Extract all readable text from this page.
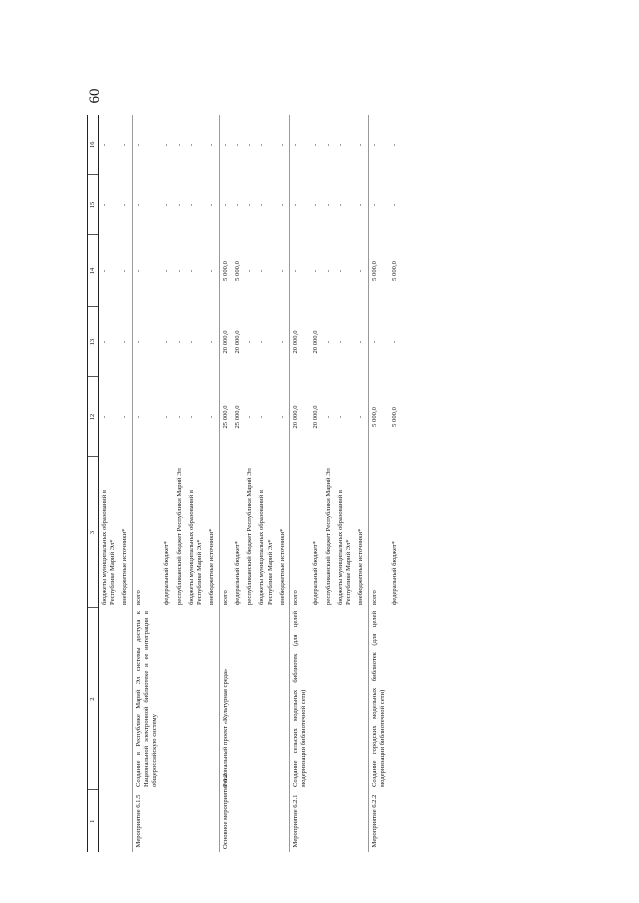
60
1	2	3	12	13	14	15	16
		бюджеты муниципальных образований в Республике Марий Эл*	-	-	-	-	-
		внебюджетные источники*	-	-	-	-	-
Мероприятие 6.1.5	Создание в Республике Марий Эл системы доступа к Национальной электронной библиотеке и ее интеграция в общероссийскую систему	всего	-	-	-	-	-
		федеральный бюджет*	-	-	-	-	-
		республиканский бюджет Республики Марий Эл	-	-	-	-	-
		бюджеты муниципальных образований в Республике Марий Эл*	-	-	-	-	-
		внебюджетные источники*	-	-	-	-	-
Основное мероприятие 6.2	Региональный проект «Культурная среда»	всего	25 000,0	20 000,0	5 000,0	-	-
		федеральный бюджет*	25 000,0	20 000,0	5 000,0	-	-
		республиканский бюджет Республики Марий Эл	-	-	-	-	-
		бюджеты муниципальных образований в Республике Марий Эл*	-	-	-	-	-
		внебюджетные источники*	-	-	-	-	-
Мероприятие 6.2.1	Создание сельских модельных библиотек (для целей модернизации библиотечной сети)	всего	20 000,0	20 000,0	-	-	-
		федеральный бюджет*	20 000,0	20 000,0	-	-	-
		республиканский бюджет Республики Марий Эл	-	-	-	-	-
		бюджеты муниципальных образований в Республике Марий Эл*	-	-	-	-	-
		внебюджетные источники*	-	-	-	-	-
Мероприятие 6.2.2	Создание городских модельных библиотек (для целей модернизации библиотечной сети)	всего	5 000,0	-	5 000,0	-	-
		федеральный бюджет*	5 000,0	-	5 000,0	-	-
